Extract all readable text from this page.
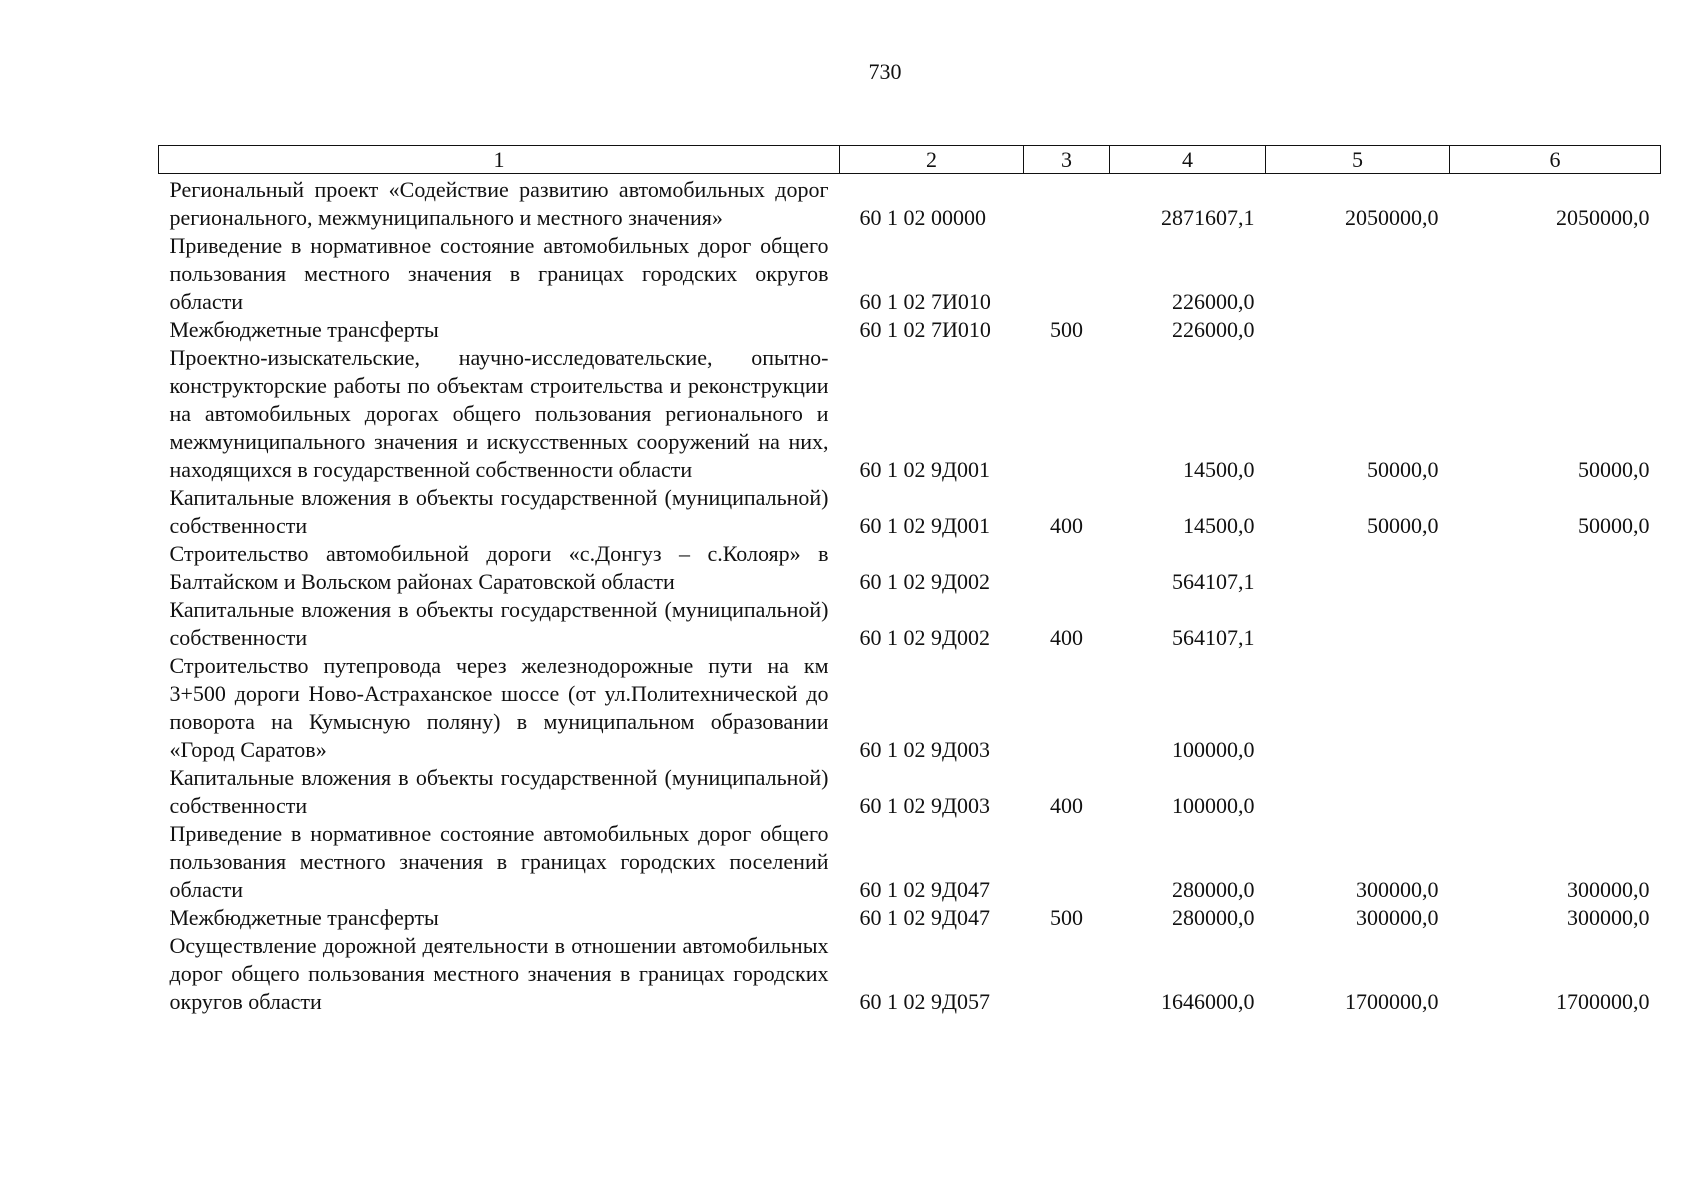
730
1	2	3	4	5	6
Региональный проект «Содействие развитию автомобильных дорог регионального, межмуниципального и местного значения»	60 1 02 00000		2871607,1	2050000,0	2050000,0
Приведение в нормативное состояние автомобильных дорог общего пользования местного значения в границах городских округов области	60 1 02 7И010		226000,0		
Межбюджетные трансферты	60 1 02 7И010	500	226000,0		
Проектно-изыскательские, научно-исследовательские, опытно-конструкторские работы по объектам строительства и реконструкции на автомобильных дорогах общего пользования регионального и межмуниципального значения и искусственных сооружений на них, находящихся в государственной собственности области	60 1 02 9Д001		14500,0	50000,0	50000,0
Капитальные вложения в объекты государственной (муниципальной) собственности	60 1 02 9Д001	400	14500,0	50000,0	50000,0
Строительство автомобильной дороги «с.Донгуз – с.Колояр» в Балтайском и Вольском районах Саратовской области	60 1 02 9Д002		564107,1		
Капитальные вложения в объекты государственной (муниципальной) собственности	60 1 02 9Д002	400	564107,1		
Строительство путепровода через железнодорожные пути на км 3+500 дороги Ново-Астраханское шоссе (от ул.Политехнической до поворота на Кумысную поляну) в муниципальном образовании «Город Саратов»	60 1 02 9Д003		100000,0		
Капитальные вложения в объекты государственной (муниципальной) собственности	60 1 02 9Д003	400	100000,0		
Приведение в нормативное состояние автомобильных дорог общего пользования местного значения в границах городских поселений области	60 1 02 9Д047		280000,0	300000,0	300000,0
Межбюджетные трансферты	60 1 02 9Д047	500	280000,0	300000,0	300000,0
Осуществление дорожной деятельности в отношении автомобильных дорог общего пользования местного значения в границах городских округов области	60 1 02 9Д057		1646000,0	1700000,0	1700000,0
